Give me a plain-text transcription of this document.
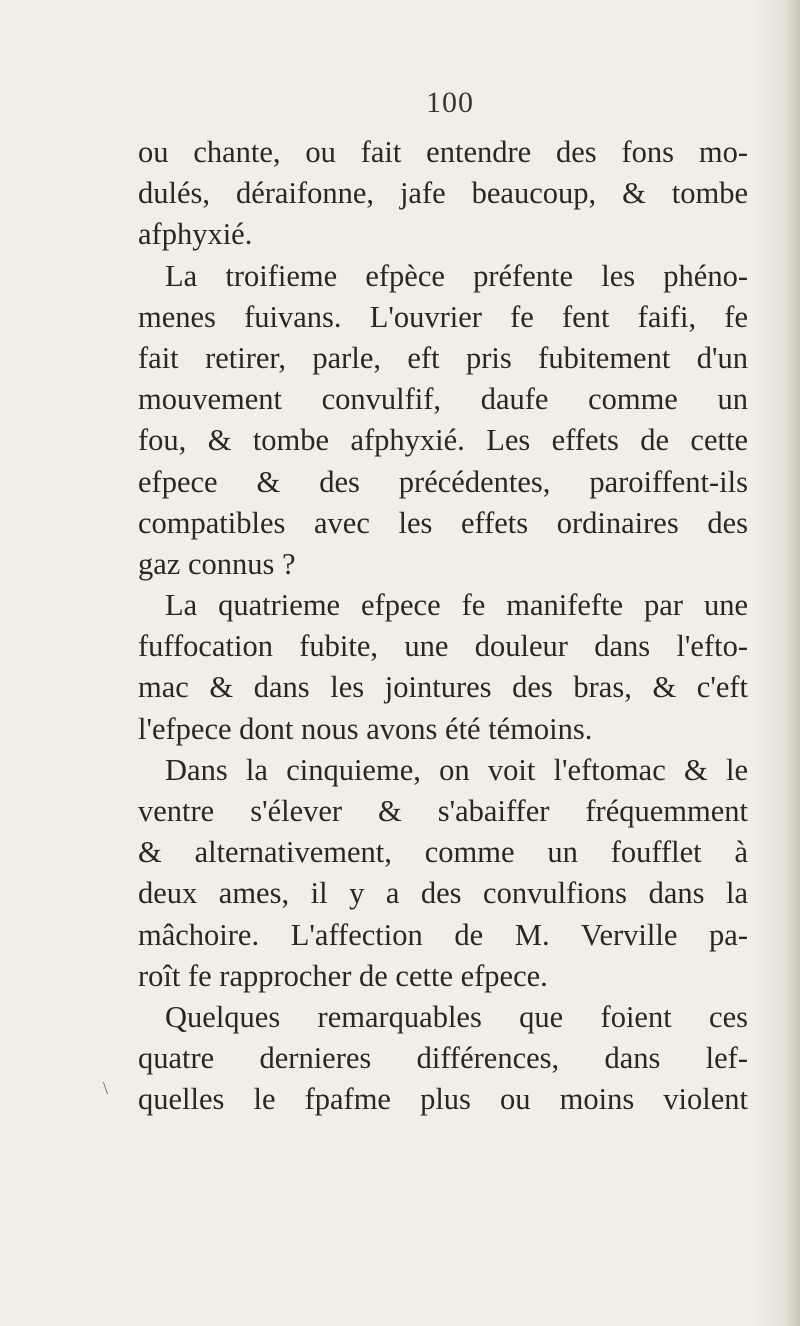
100
ou chante, ou fait entendre des fons mo-
dulés, déraifonne, jafe beaucoup, & tombe
afphyxié.
La troifieme efpèce préfente les phéno-
menes fuivans. L'ouvrier fe fent faifi, fe
fait retirer, parle, eft pris fubitement d'un
mouvement convulfif, daufe comme un
fou, & tombe afphyxié. Les effets de cette
efpece & des précédentes, paroiffent-ils
compatibles avec les effets ordinaires des
gaz connus ?
La quatrieme efpece fe manifefte par une
fuffocation fubite, une douleur dans l'efto-
mac & dans les jointures des bras, & c'eft
l'efpece dont nous avons été témoins.
Dans la cinquieme, on voit l'eftomac & le
ventre s'élever & s'abaiffer fréquemment
& alternativement, comme un foufflet à
deux ames, il y a des convulfions dans la
mâchoire. L'affection de M. Verville pa-
roît fe rapprocher de cette efpece.
Quelques remarquables que foient ces
quatre dernieres différences, dans lef-
quelles le fpafme plus ou moins violent
\
